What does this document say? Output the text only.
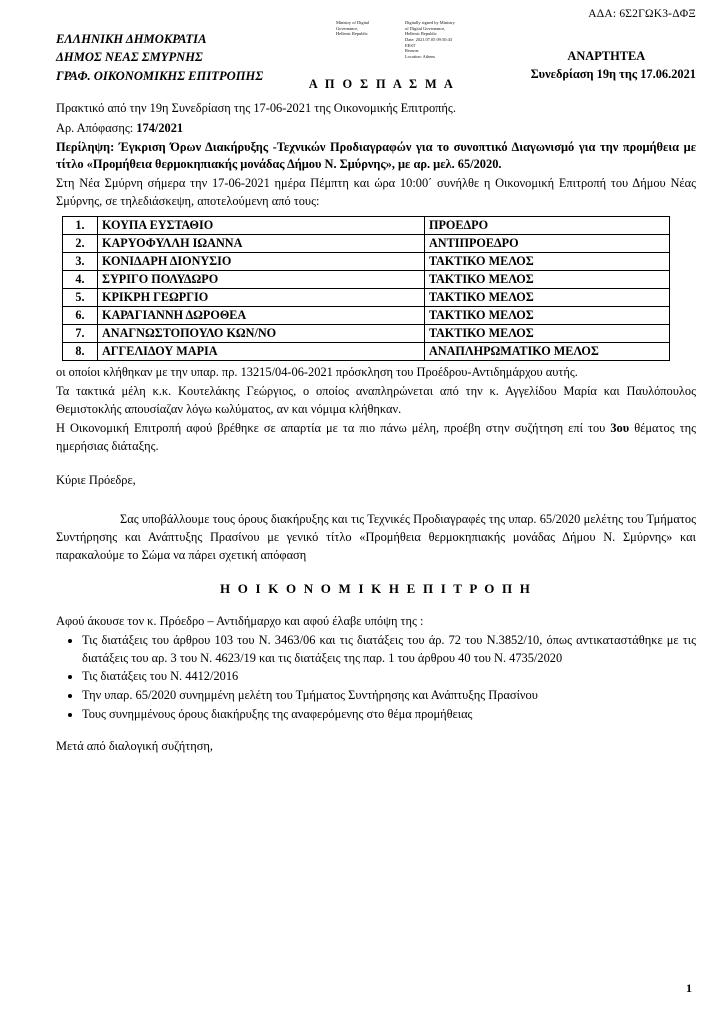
ΑΔΑ: 6Σ2ΓΩΚ3-ΔΦΞ
Ministry of Digital
Governance,
Hellenic Republic
Digitally signed by Ministry
of Digital Governance,
Hellenic Republic
Date: 2021.07.05 09:50:43
EEST
Reason:
Location: Athens
ΕΛΛΗΝΙΚΗ ΔΗΜΟΚΡΑΤΙΑ
ΔΗΜΟΣ ΝΕΑΣ ΣΜΥΡΝΗΣ
ΓΡΑΦ. ΟΙΚΟΝΟΜΙΚΗΣ ΕΠΙΤΡΟΠΗΣ
ΑΝΑΡΤΗΤΕΑ
Συνεδρίαση 19η της 17.06.2021
Α Π Ο Σ Π Α Σ Μ Α

Πρακτικό από την 19η Συνεδρίαση της 17-06-2021 της Οικονομικής Επιτροπής.

Αρ. Απόφασης: 174/2021

Περίληψη: Έγκριση Όρων Διακήρυξης -Τεχνικών Προδιαγραφών για το συνοπτικό Διαγωνισμό για την προμήθεια με τίτλο «Προμήθεια θερμοκηπιακής μονάδας Δήμου Ν. Σμύρνης», με αρ. μελ. 65/2020.

Στη Νέα Σμύρνη σήμερα την 17-06-2021 ημέρα Πέμπτη και ώρα 10:00΄ συνήλθε η Οικονομική Επιτροπή του Δήμου Νέας Σμύρνης, σε τηλεδιάσκεψη, αποτελούμενη από τους:

1.	ΚΟΥΠΑ ΕΥΣΤΑΘΙΟ	ΠΡΟΕΔΡΟ
2.	ΚΑΡΥΟΦΥΛΛΗ ΙΩΑΝΝΑ	ΑΝΤΙΠΡΟΕΔΡΟ
3.	ΚΟΝΙΔΑΡΗ ΔΙΟΝΥΣΙΟ	ΤΑΚΤΙΚΟ ΜΕΛΟΣ
4.	ΣΥΡΙΓΟ ΠΟΛΥΔΩΡΟ	ΤΑΚΤΙΚΟ ΜΕΛΟΣ
5.	ΚΡΙΚΡΗ ΓΕΩΡΓΙΟ	ΤΑΚΤΙΚΟ ΜΕΛΟΣ
6.	ΚΑΡΑΓΙΑΝΝΗ ΔΩΡΟΘΕΑ	ΤΑΚΤΙΚΟ ΜΕΛΟΣ
7.	ΑΝΑΓΝΩΣΤΟΠΟΥΛΟ ΚΩΝ/ΝΟ	ΤΑΚΤΙΚΟ ΜΕΛΟΣ
8.	ΑΓΓΕΛΙΔΟΥ ΜΑΡΙΑ	ΑΝΑΠΛΗΡΩΜΑΤΙΚΟ ΜΕΛΟΣ

οι οποίοι κλήθηκαν με την υπαρ. πρ. 13215/04-06-2021 πρόσκληση του Προέδρου-Αντιδημάρχου αυτής.

Τα τακτικά μέλη κ.κ. Κουτελάκης Γεώργιος, ο οποίος αναπληρώνεται από την κ. Αγγελίδου Μαρία και Παυλόπουλος Θεμιστοκλής απουσίαζαν λόγω κωλύματος, αν και νόμιμα κλήθηκαν.

Η Οικονομική Επιτροπή αφού βρέθηκε σε απαρτία με τα πιο πάνω μέλη, προέβη στην συζήτηση επί του 3ου θέματος της ημερήσιας διάταξης.

Κύριε Πρόεδρε,

Σας υποβάλλουμε τους όρους διακήρυξης και τις Τεχνικές Προδιαγραφές της υπαρ. 65/2020 μελέτης του Τμήματος Συντήρησης και Ανάπτυξης Πρασίνου με γενικό τίτλο «Προμήθεια θερμοκηπιακής μονάδας Δήμου Ν. Σμύρνης» και παρακαλούμε το Σώμα να πάρει σχετική απόφαση

Η Ο Ι Κ Ο Ν Ο Μ Ι Κ Η Ε Π Ι Τ Ρ Ο Π Η

Αφού άκουσε τον κ. Πρόεδρο – Αντιδήμαρχο και αφού έλαβε υπόψη της :

• Τις διατάξεις του άρθρου 103 του Ν. 3463/06 και τις διατάξεις του άρ. 72 του Ν.3852/10, όπως αντικαταστάθηκε με τις διατάξεις του αρ. 3 του Ν. 4623/19 και τις διατάξεις της παρ. 1 του άρθρου 40 του Ν. 4735/2020
• Τις διατάξεις του Ν. 4412/2016
• Την υπαρ. 65/2020 συνημμένη μελέτη του Τμήματος Συντήρησης και Ανάπτυξης Πρασίνου
• Τους συνημμένους όρους διακήρυξης της αναφερόμενης στο θέμα προμήθειας

Μετά από διαλογική συζήτηση,

1
